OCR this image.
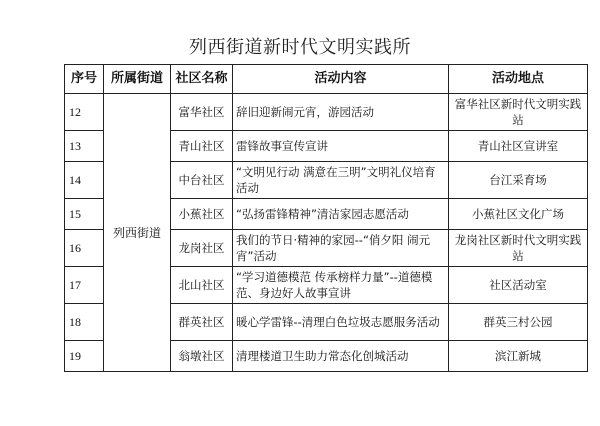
列西街道新时代文明实践所
序号	所属街道	社区名称	活动内容	活动地点
12	列西街道	富华社区	辞旧迎新闹元宵，游园活动	富华社区新时代文明实践站
13		青山社区	雷锋故事宣传宣讲	青山社区宣讲室
14		中台社区	“文明见行动 满意在三明”文明礼仪培育活动	台江采育场
15		小蕉社区	“弘扬雷锋精神”清洁家园志愿活动	小蕉社区文化广场
16		龙岗社区	我们的节日·精神的家园--“俏夕阳 闹元宵”活动	龙岗社区新时代文明实践站
17		北山社区	“学习道德模范 传承榜样力量”--道德模范、身边好人故事宣讲	社区活动室
18		群英社区	暖心学雷锋--清理白色垃圾志愿服务活动	群英三村公园
19		翁墩社区	清理楼道卫生助力常态化创城活动	滨江新城
